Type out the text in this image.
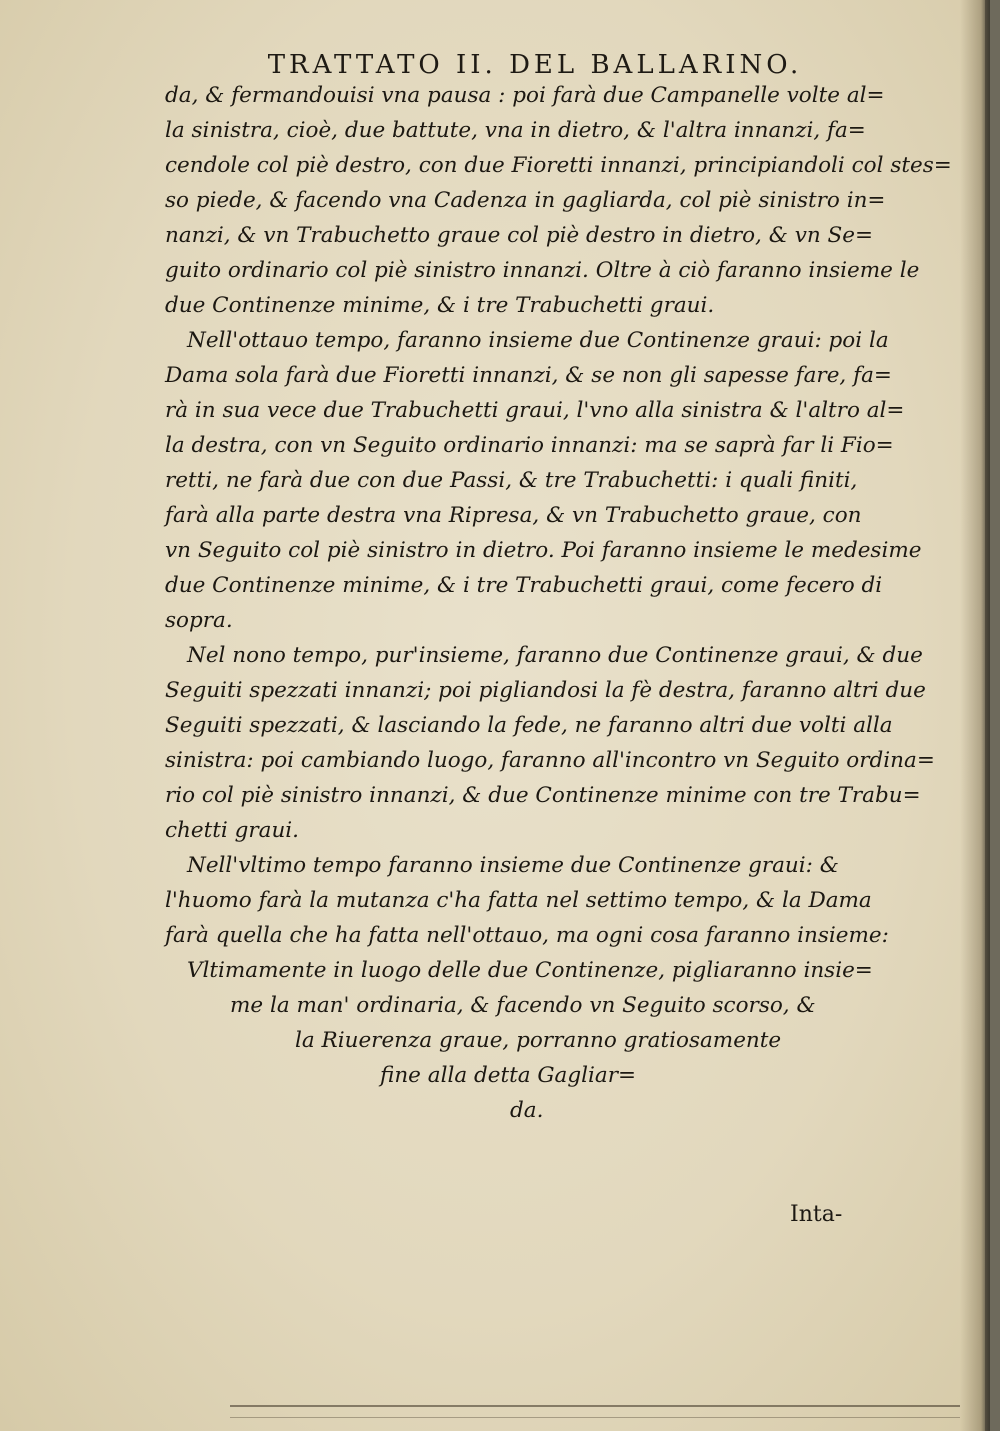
TRATTATO II. DEL BALLARINO.
da, & fermandouisi vna pausa : poi farà due Campanelle volte al=
la sinistra, cioè, due battute, vna in dietro, & l'altra innanzi, fa=
cendole col piè destro, con due Fioretti innanzi, principiandoli col stes=
so piede, & facendo vna Cadenza in gagliarda, col piè sinistro in=
nanzi, & vn Trabuchetto graue col piè destro in dietro, & vn Se=
guito ordinario col piè sinistro innanzi. Oltre à ciò faranno insieme le
due Continenze minime, & i tre Trabuchetti graui.
Nell'ottauo tempo, faranno insieme due Continenze graui: poi la
Dama sola farà due Fioretti innanzi, & se non gli sapesse fare, fa=
rà in sua vece due Trabuchetti graui, l'vno alla sinistra & l'altro al=
la destra, con vn Seguito ordinario innanzi: ma se saprà far li Fio=
retti, ne farà due con due Passi, & tre Trabuchetti: i quali finiti,
farà alla parte destra vna Ripresa, & vn Trabuchetto graue, con
vn Seguito col piè sinistro in dietro. Poi faranno insieme le medesime
due Continenze minime, & i tre Trabuchetti graui, come fecero di
sopra.
Nel nono tempo, pur'insieme, faranno due Continenze graui, & due
Seguiti spezzati innanzi; poi pigliandosi la fè destra, faranno altri due
Seguiti spezzati, & lasciando la fede, ne faranno altri due volti alla
sinistra: poi cambiando luogo, faranno all'incontro vn Seguito ordina=
rio col piè sinistro innanzi, & due Continenze minime con tre Trabu=
chetti graui.
Nell'vltimo tempo faranno insieme due Continenze graui: &
l'huomo farà la mutanza c'ha fatta nel settimo tempo, & la Dama
farà quella che ha fatta nell'ottauo, ma ogni cosa faranno insieme:
Vltimamente in luogo delle due Continenze, pigliaranno insie=
me la man' ordinaria, & facendo vn Seguito scorso, &
la Riuerenza graue, porranno gratiosamente
fine alla detta Gagliar=
da.
Inta-
